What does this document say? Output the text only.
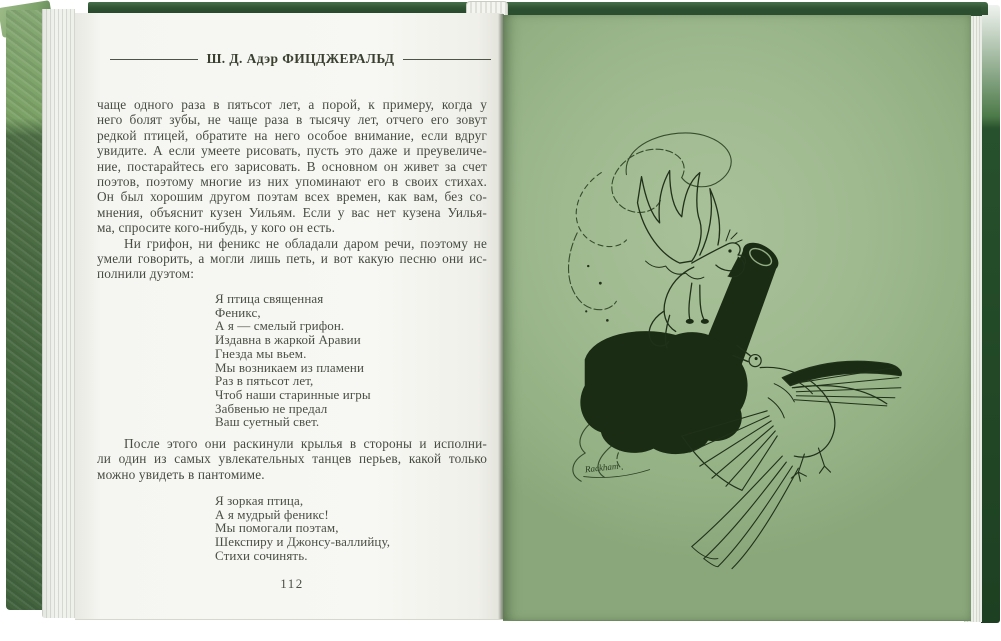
Ш. Д. Адэр ФИЦДЖЕРАЛЬД
чаще одного раза в пятьсот лет, а порой, к примеру, когда у
него болят зубы, не чаще раза в тысячу лет, отчего его зовут
редкой птицей, обратите на него особое внимание, если вдруг
увидите. А если умеете рисовать, пусть это даже и преувеличе-
ние, постарайтесь его зарисовать. В основном он живет за счет
поэтов, поэтому многие из них упоминают его в своих стихах.
Он был хорошим другом поэтам всех времен, как вам, без со-
мнения, объяснит кузен Уильям. Если у вас нет кузена Уилья-
ма, спросите кого-нибудь, у кого он есть.
Ни грифон, ни феникс не обладали даром речи, поэтому не
умели говорить, а могли лишь петь, и вот какую песню они ис-
полнили дуэтом:
Я птица священная
Феникс,
А я — смелый грифон.
Издавна в жаркой Аравии
Гнезда мы вьем.
Мы возникаем из пламени
Раз в пятьсот лет,
Чтоб наши старинные игры
Забвенью не предал
Ваш суетный свет.
После этого они раскинули крылья в стороны и исполни-
ли один из самых увлекательных танцев перьев, какой только
можно увидеть в пантомиме.
Я зоркая птица,
А я мудрый феникс!
Мы помогали поэтам,
Шекспиру и Джонсу-валлийцу,
Стихи сочинять.
112
Rackham
